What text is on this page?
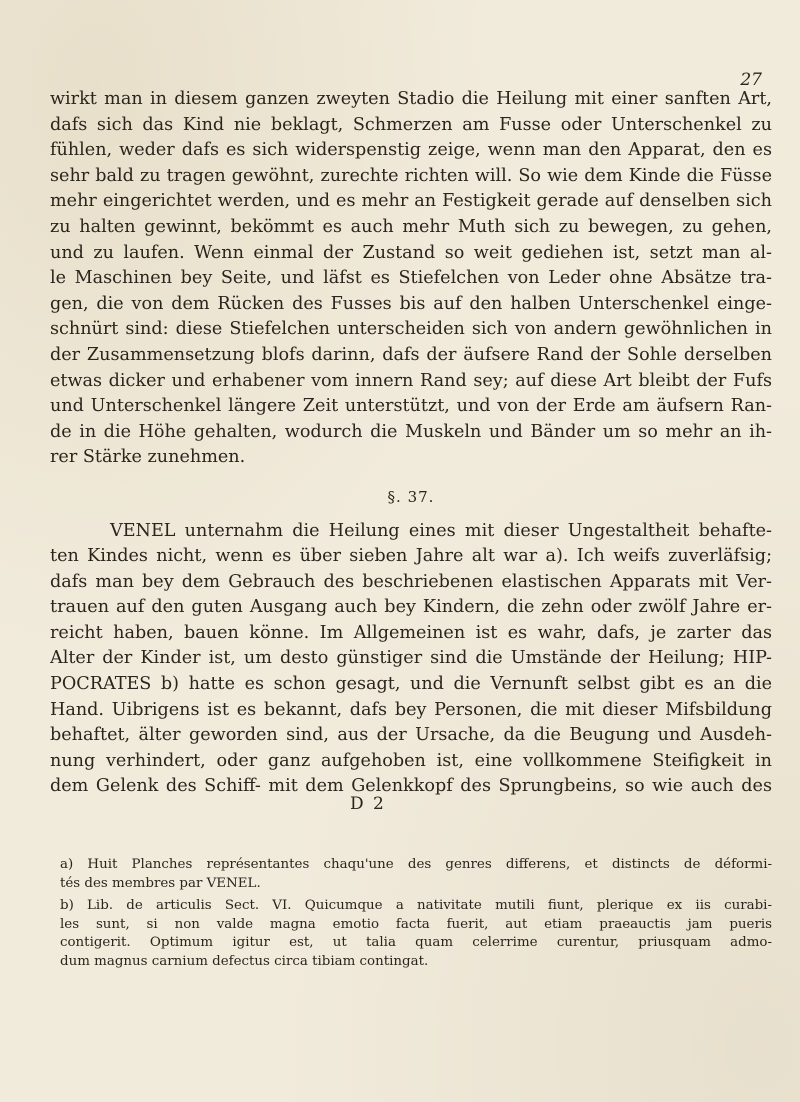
27
wirkt man in diesem ganzen zweyten Stadio die Heilung mit einer sanften Art,
dafs sich das Kind nie beklagt, Schmerzen am Fusse oder Unterschenkel zu
fühlen, weder dafs es sich widerspenstig zeige, wenn man den Apparat, den es
sehr bald zu tragen gewöhnt, zurechte richten will. So wie dem Kinde die Füsse
mehr eingerichtet werden, und es mehr an Festigkeit gerade auf denselben sich
zu halten gewinnt, bekömmt es auch mehr Muth sich zu bewegen, zu gehen,
und zu laufen. Wenn einmal der Zustand so weit gediehen ist, setzt man al-
le Maschinen bey Seite, und läfst es Stiefelchen von Leder ohne Absätze tra-
gen, die von dem Rücken des Fusses bis auf den halben Unterschenkel einge-
schnürt sind: diese Stiefelchen unterscheiden sich von andern gewöhnlichen in
der Zusammensetzung blofs darinn, dafs der äufsere Rand der Sohle derselben
etwas dicker und erhabener vom innern Rand sey; auf diese Art bleibt der Fufs
und Unterschenkel längere Zeit unterstützt, und von der Erde am äufsern Ran-
de in die Höhe gehalten, wodurch die Muskeln und Bänder um so mehr an ih-
rer Stärke zunehmen.
§. 37.
VENEL unternahm die Heilung eines mit dieser Ungestaltheit behafte-
ten Kindes nicht, wenn es über sieben Jahre alt war a). Ich weifs zuverläfsig;
dafs man bey dem Gebrauch des beschriebenen elastischen Apparats mit Ver-
trauen auf den guten Ausgang auch bey Kindern, die zehn oder zwölf Jahre er-
reicht haben, bauen könne. Im Allgemeinen ist es wahr, dafs, je zarter das
Alter der Kinder ist, um desto günstiger sind die Umstände der Heilung; HIP-
POCRATES b) hatte es schon gesagt, und die Vernunft selbst gibt es an die
Hand. Uibrigens ist es bekannt, dafs bey Personen, die mit dieser Mifsbildung
behaftet, älter geworden sind, aus der Ursache, da die Beugung und Ausdeh-
nung verhindert, oder ganz aufgehoben ist, eine vollkommene Steifigkeit in
dem Gelenk des Schiff- mit dem Gelenkkopf des Sprungbeins, so wie auch des
D 2
a) Huit Planches représentantes chaqu'une des genres differens, et distincts de déformi-
tés des membres par VENEL.
b) Lib. de articulis Sect. VI. Quicumque a nativitate mutili fiunt, plerique ex iis curabi-
les sunt, si non valde magna emotio facta fuerit, aut etiam praeauctis jam pueris
contigerit. Optimum igitur est, ut talia quam celerrime curentur, priusquam admo-
dum magnus carnium defectus circa tibiam contingat.
